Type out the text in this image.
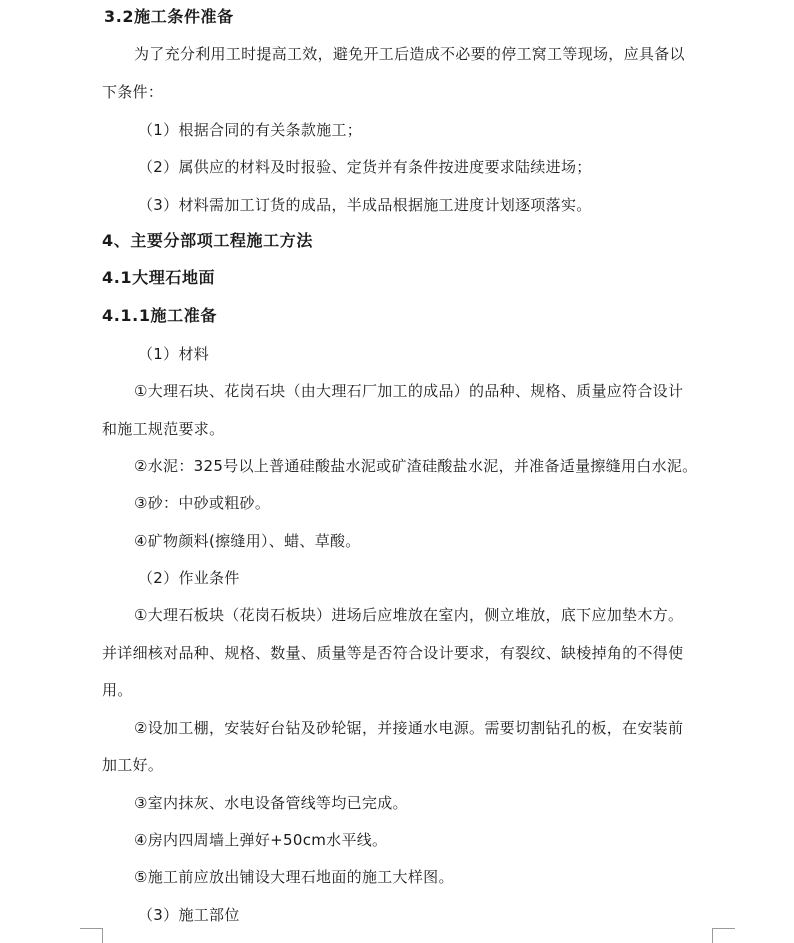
3.2施工条件准备
为了充分利用工时提高工效，避免开工后造成不必要的停工窝工等现场，应具备以
下条件：
（1）根据合同的有关条款施工；
（2）属供应的材料及时报验、定货并有条件按进度要求陆续进场；
（3）材料需加工订货的成品，半成品根据施工进度计划逐项落实。
4、主要分部项工程施工方法
4.1大理石地面
4.1.1施工准备
（1）材料
①大理石块、花岗石块（由大理石厂加工的成品）的品种、规格、质量应符合设计
和施工规范要求。
②水泥：325号以上普通硅酸盐水泥或矿渣硅酸盐水泥，并准备适量擦缝用白水泥。
③砂：中砂或粗砂。
④矿物颜料(擦缝用）、蜡、草酸。
（2）作业条件
①大理石板块（花岗石板块）进场后应堆放在室内，侧立堆放，底下应加垫木方。
并详细核对品种、规格、数量、质量等是否符合设计要求，有裂纹、缺棱掉角的不得使
用。
②设加工棚，安装好台钻及砂轮锯，并接通水电源。需要切割钻孔的板，在安装前
加工好。
③室内抹灰、水电设备管线等均已完成。
④房内四周墙上弹好+50cm水平线。
⑤施工前应放出铺设大理石地面的施工大样图。
（3）施工部位
